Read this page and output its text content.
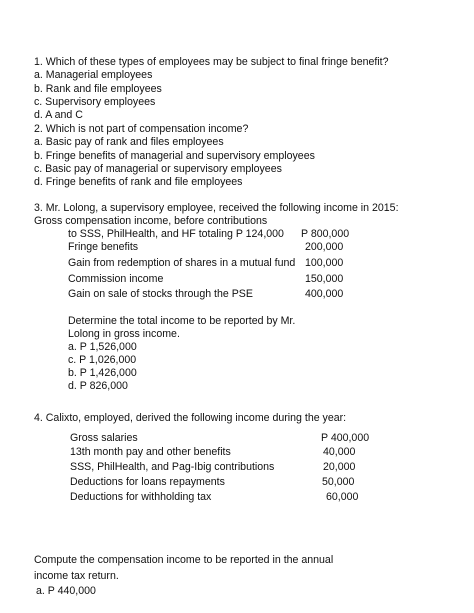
1. Which of these types of employees may be subject to final fringe benefit?
a. Managerial employees
b. Rank and file employees
c. Supervisory employees
d. A and C
2. Which is not part of compensation income?
a. Basic pay of rank and files employees
b. Fringe benefits of managerial and supervisory employees
c. Basic pay of managerial or supervisory employees
d. Fringe benefits of rank and file employees
3. Mr. Lolong, a supervisory employee, received the following income in 2015:
Gross compensation income, before contributions
to SSS, PhilHealth, and HF totaling P 124,000 P 800,000
Fringe benefits	200,000
Gain from redemption of shares in a mutual fund 100,000
Commission income	150,000
Gain on sale of stocks through the PSE	400,000
Determine the total income to be reported by Mr.
Lolong in gross income.
a. P 1,526,000
c. P 1,026,000
b. P 1,426,000
d. P 826,000
4. Calixto, employed, derived the following income during the year:
Gross salaries	P 400,000
13th month pay and other benefits	40,000
SSS, PhilHealth, and Pag-Ibig contributions	20,000
Deductions for loans repayments	50,000
Deductions for withholding tax	60,000
Compute the compensation income to be reported in the annual
income tax return.
a. P 440,000
